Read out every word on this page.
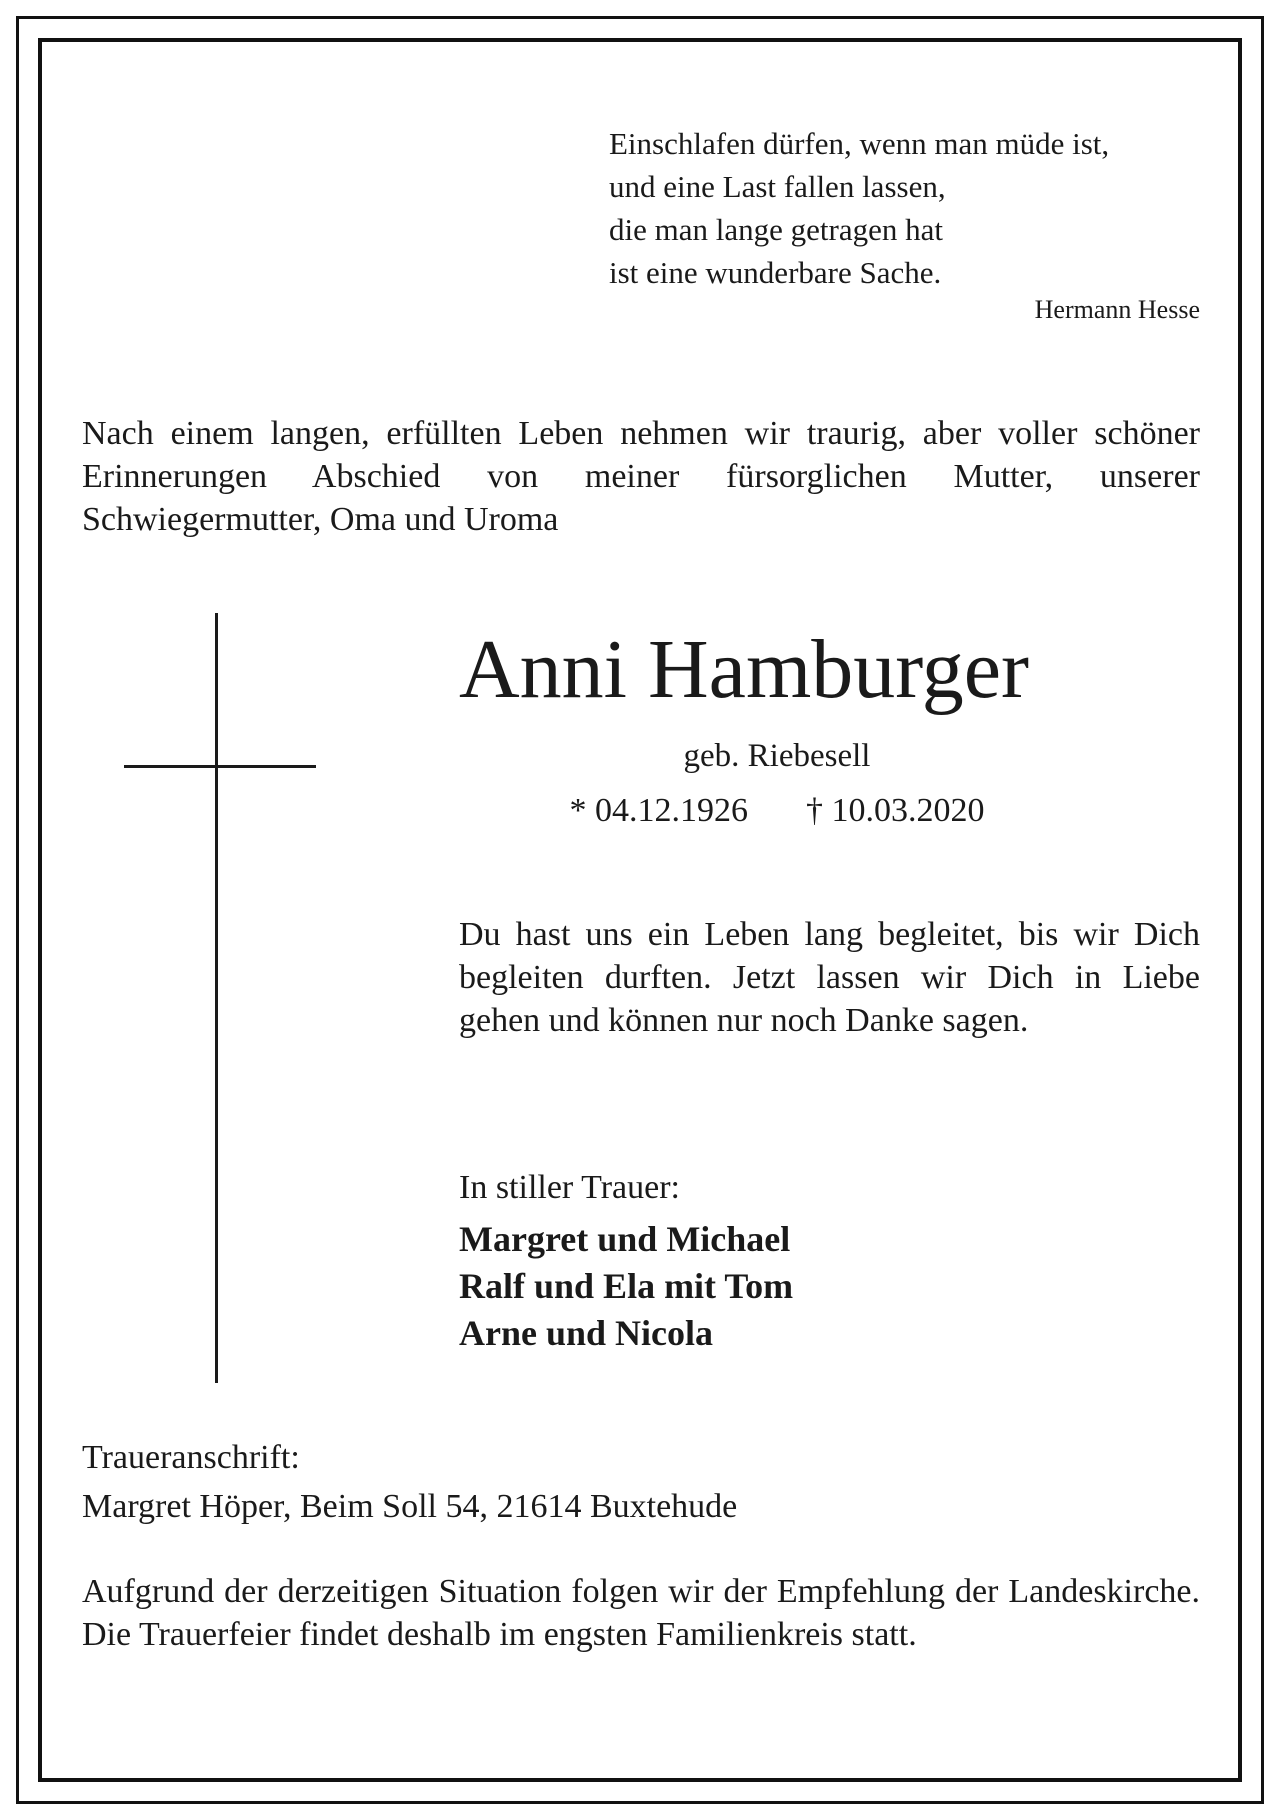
Einschlafen dürfen, wenn man müde ist,
und eine Last fallen lassen,
die man lange getragen hat
ist eine wunderbare Sache.
Hermann Hesse
Nach einem langen, erfüllten Leben nehmen wir traurig, aber voller schöner Erinnerungen Abschied von meiner fürsorglichen Mutter, unserer Schwiegermutter, Oma und Uroma
Anni Hamburger
geb. Riebesell
* 04.12.1926 † 10.03.2020
Du hast uns ein Leben lang begleitet, bis wir Dich begleiten durften. Jetzt lassen wir Dich in Liebe gehen und können nur noch Danke sagen.
In stiller Trauer:
Margret und Michael
Ralf und Ela mit Tom
Arne und Nicola
Traueranschrift:
Margret Höper, Beim Soll 54, 21614 Buxtehude
Aufgrund der derzeitigen Situation folgen wir der Empfehlung der Landeskirche. Die Trauerfeier findet deshalb im engsten Familienkreis statt.
